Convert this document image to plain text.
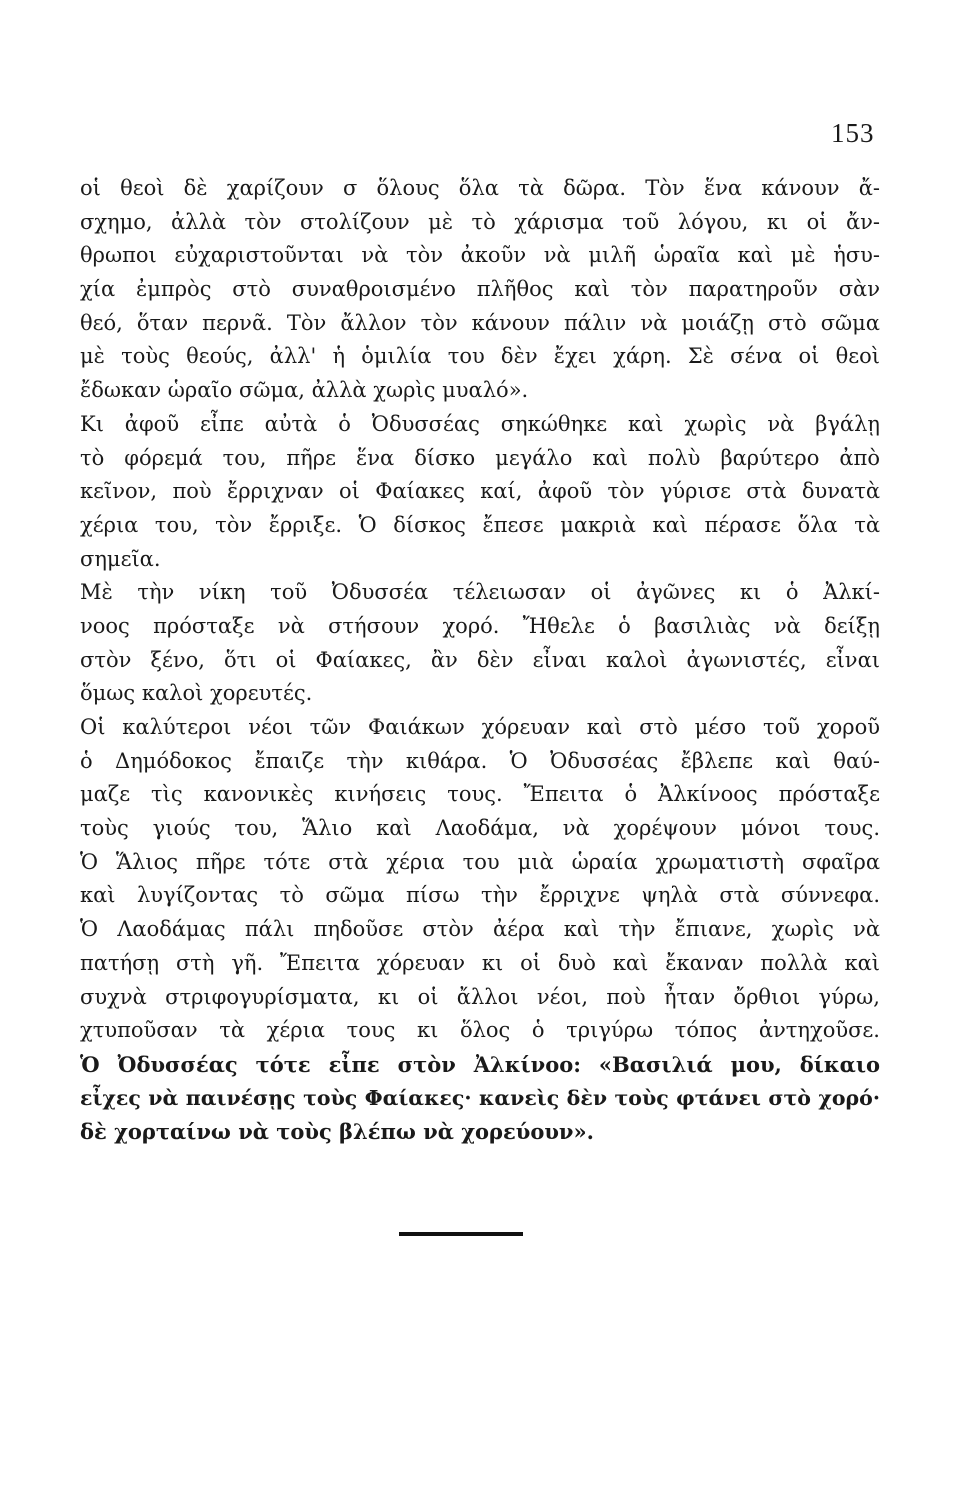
153
οἱ θεοὶ δὲ χαρίζουν σ ὅλους ὅλα τὰ δῶρα. Τὸν ἕνα κάνουν ἄ-
σχημο, ἀλλὰ τὸν στολίζουν μὲ τὸ χάρισμα τοῦ λόγου, κι οἱ ἄν-
θρωποι εὐχαριστοῦνται νὰ τὸν ἀκοῦν νὰ μιλῆ ὡραῖα καὶ μὲ ἡσυ-
χία ἐμπρὸς στὸ συναθροισμένο πλῆθος καὶ τὸν παρατηροῦν σὰν
θεό, ὅταν περνᾶ. Τὸν ἄλλον τὸν κάνουν πάλιν νὰ μοιάζῃ στὸ σῶμα
μὲ τοὺς θεούς, ἀλλ' ἡ ὁμιλία του δὲν ἔχει χάρη. Σὲ σένα οἱ θεοὶ
ἔδωκαν ὡραῖο σῶμα, ἀλλὰ χωρὶς μυαλό».
Κι ἀφοῦ εἶπε αὐτὰ ὁ Ὀδυσσέας σηκώθηκε καὶ χωρὶς νὰ βγάλῃ
τὸ φόρεμά του, πῆρε ἕνα δίσκο μεγάλο καὶ πολὺ βαρύτερο ἀπὸ
κεῖνον, ποὺ ἔρριχναν οἱ Φαίακες καί, ἀφοῦ τὸν γύρισε στὰ δυνατὰ
χέρια του, τὸν ἔρριξε. Ὁ δίσκος ἔπεσε μακριὰ καὶ πέρασε ὅλα τὰ
σημεῖα.
Μὲ τὴν νίκη τοῦ Ὀδυσσέα τέλειωσαν οἱ ἀγῶνες κι ὁ Ἀλκί-
νοος πρόσταξε νὰ στήσουν χορό. Ἤθελε ὁ βασιλιὰς νὰ δείξῃ
στὸν ξένο, ὅτι οἱ Φαίακες, ἂν δὲν εἶναι καλοὶ ἀγωνιστές, εἶναι
ὅμως καλοὶ χορευτές.
Οἱ καλύτεροι νέοι τῶν Φαιάκων χόρευαν καὶ στὸ μέσο τοῦ χοροῦ
ὁ Δημόδοκος ἔπαιζε τὴν κιθάρα. Ὁ Ὀδυσσέας ἔβλεπε καὶ θαύ-
μαζε τὶς κανονικὲς κινήσεις τους. Ἔπειτα ὁ Ἀλκίνοος πρόσταξε
τοὺς γιούς του, Ἅλιο καὶ Λαοδάμα, νὰ χορέψουν μόνοι τους.
Ὁ Ἅλιος πῆρε τότε στὰ χέρια του μιὰ ὡραία χρωματιστὴ σφαῖρα
καὶ λυγίζοντας τὸ σῶμα πίσω τὴν ἔρριχνε ψηλὰ στὰ σύννεφα.
Ὁ Λαοδάμας πάλι πηδοῦσε στὸν ἀέρα καὶ τὴν ἔπιανε, χωρὶς νὰ
πατήσῃ στὴ γῆ. Ἔπειτα χόρευαν κι οἱ δυὸ καὶ ἔκαναν πολλὰ καὶ
συχνὰ στριφογυρίσματα, κι οἱ ἄλλοι νέοι, ποὺ ἦταν ὄρθιοι γύρω,
χτυποῦσαν τὰ χέρια τους κι ὅλος ὁ τριγύρω τόπος ἀντηχοῦσε.
Ὁ Ὀδυσσέας τότε εἶπε στὸν Ἀλκίνοο: «Βασιλιά μου, δίκαιο
εἶχες νὰ παινέσῃς τοὺς Φαίακες· κανεὶς δὲν τοὺς φτάνει στὸ χορό·
δὲ χορταίνω νὰ τοὺς βλέπω νὰ χορεύουν».
